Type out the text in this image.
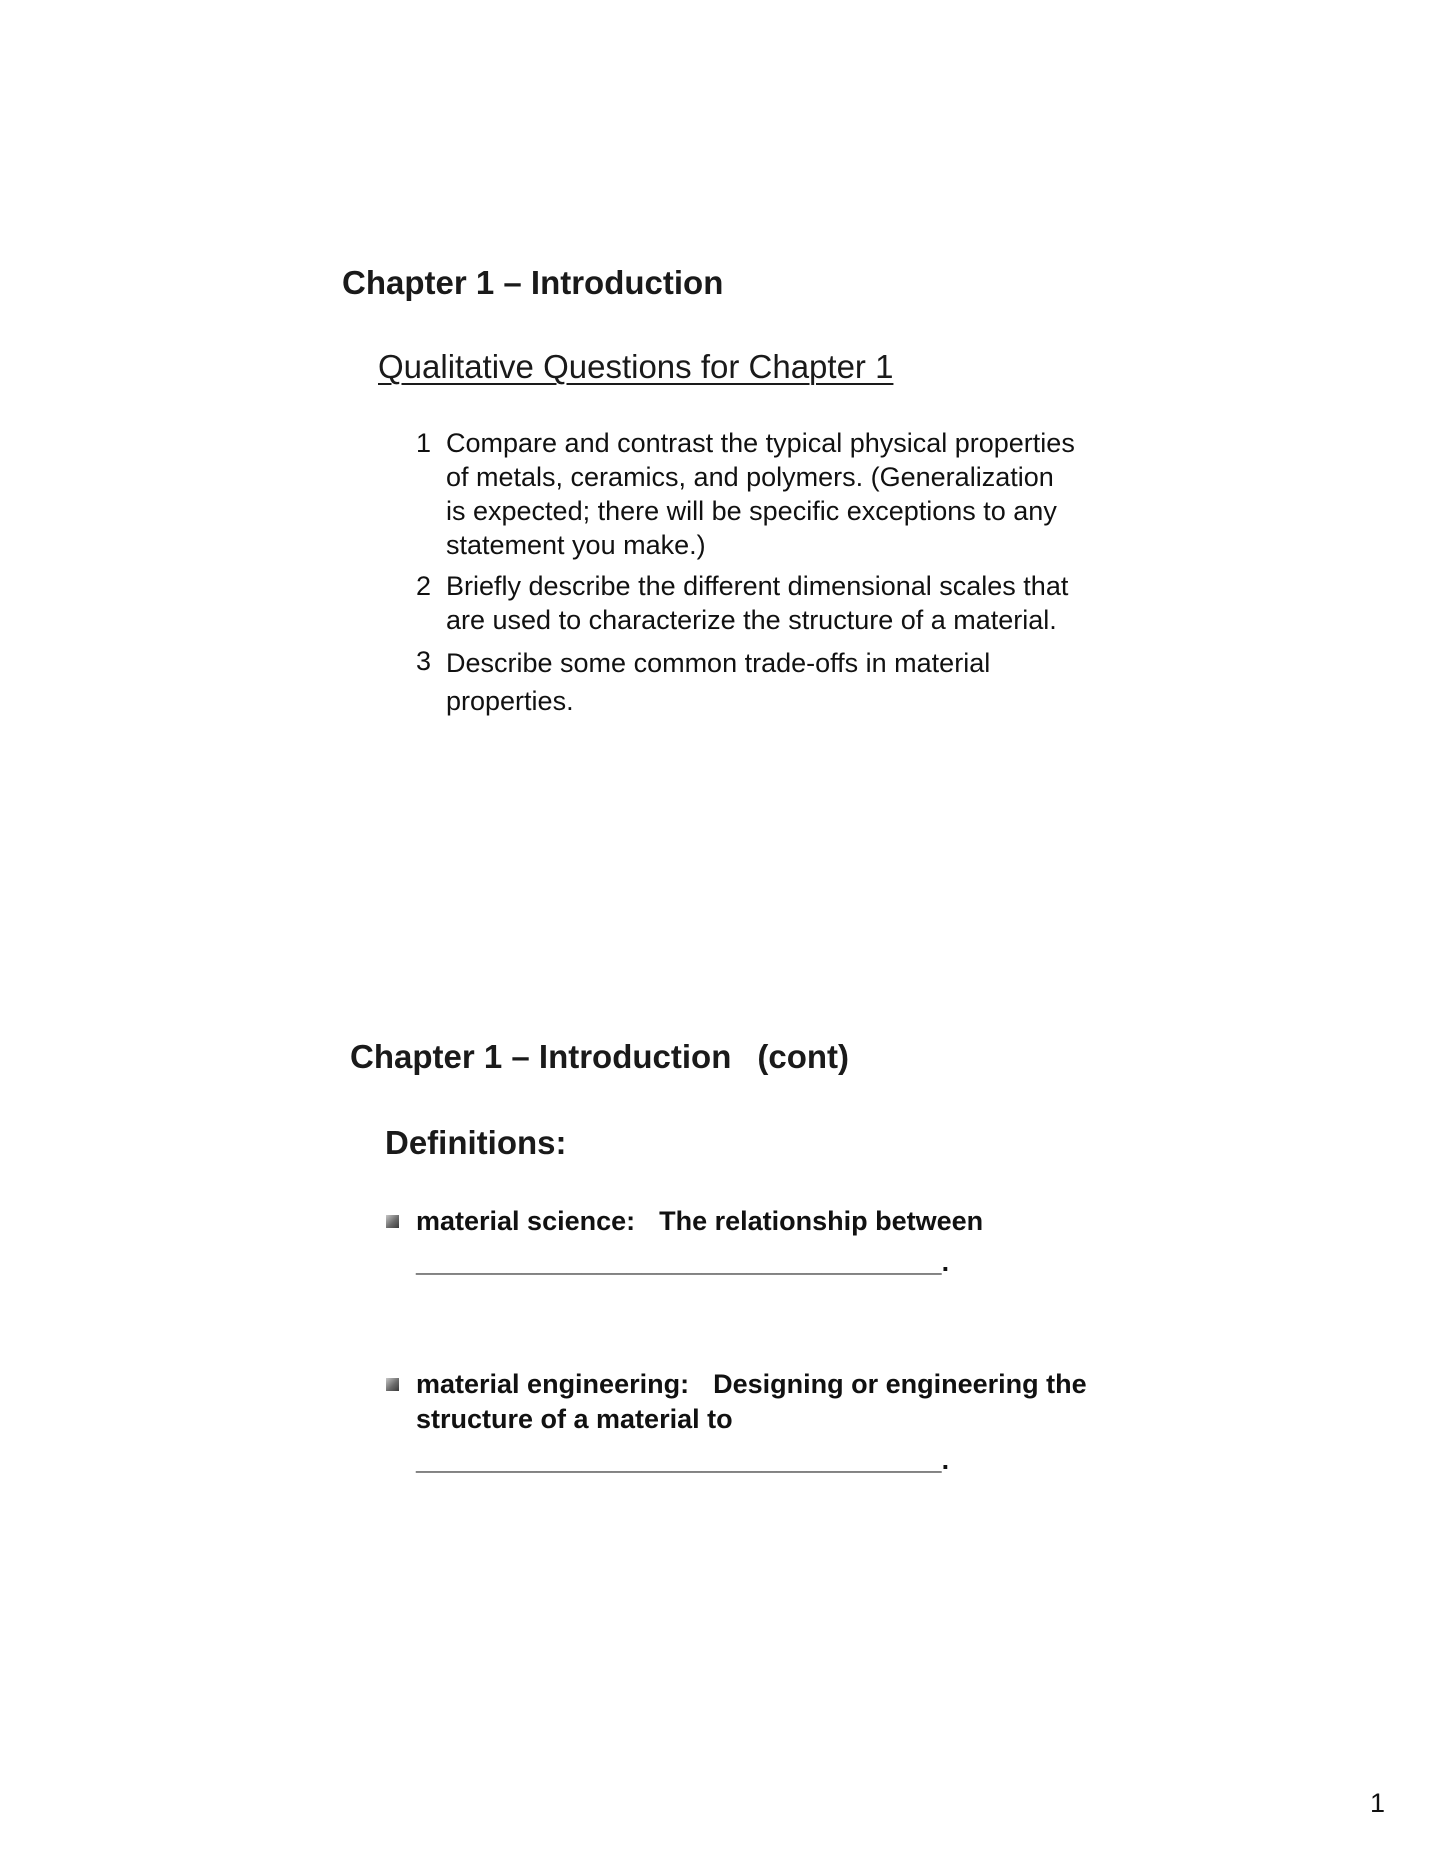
Chapter 1 – Introduction
Qualitative Questions for Chapter 1
1 Compare and contrast the typical physical properties of metals, ceramics, and polymers. (Generalization is expected; there will be specific exceptions to any statement you make.)
2 Briefly describe the different dimensional scales that are used to characterize the structure of a material.
3 Describe some common trade-offs in material properties.
Chapter 1 – Introduction (cont)
Definitions:
material science: The relationship between
___________________________________.
material engineering: Designing or engineering the structure of a material to
___________________________________.
1
